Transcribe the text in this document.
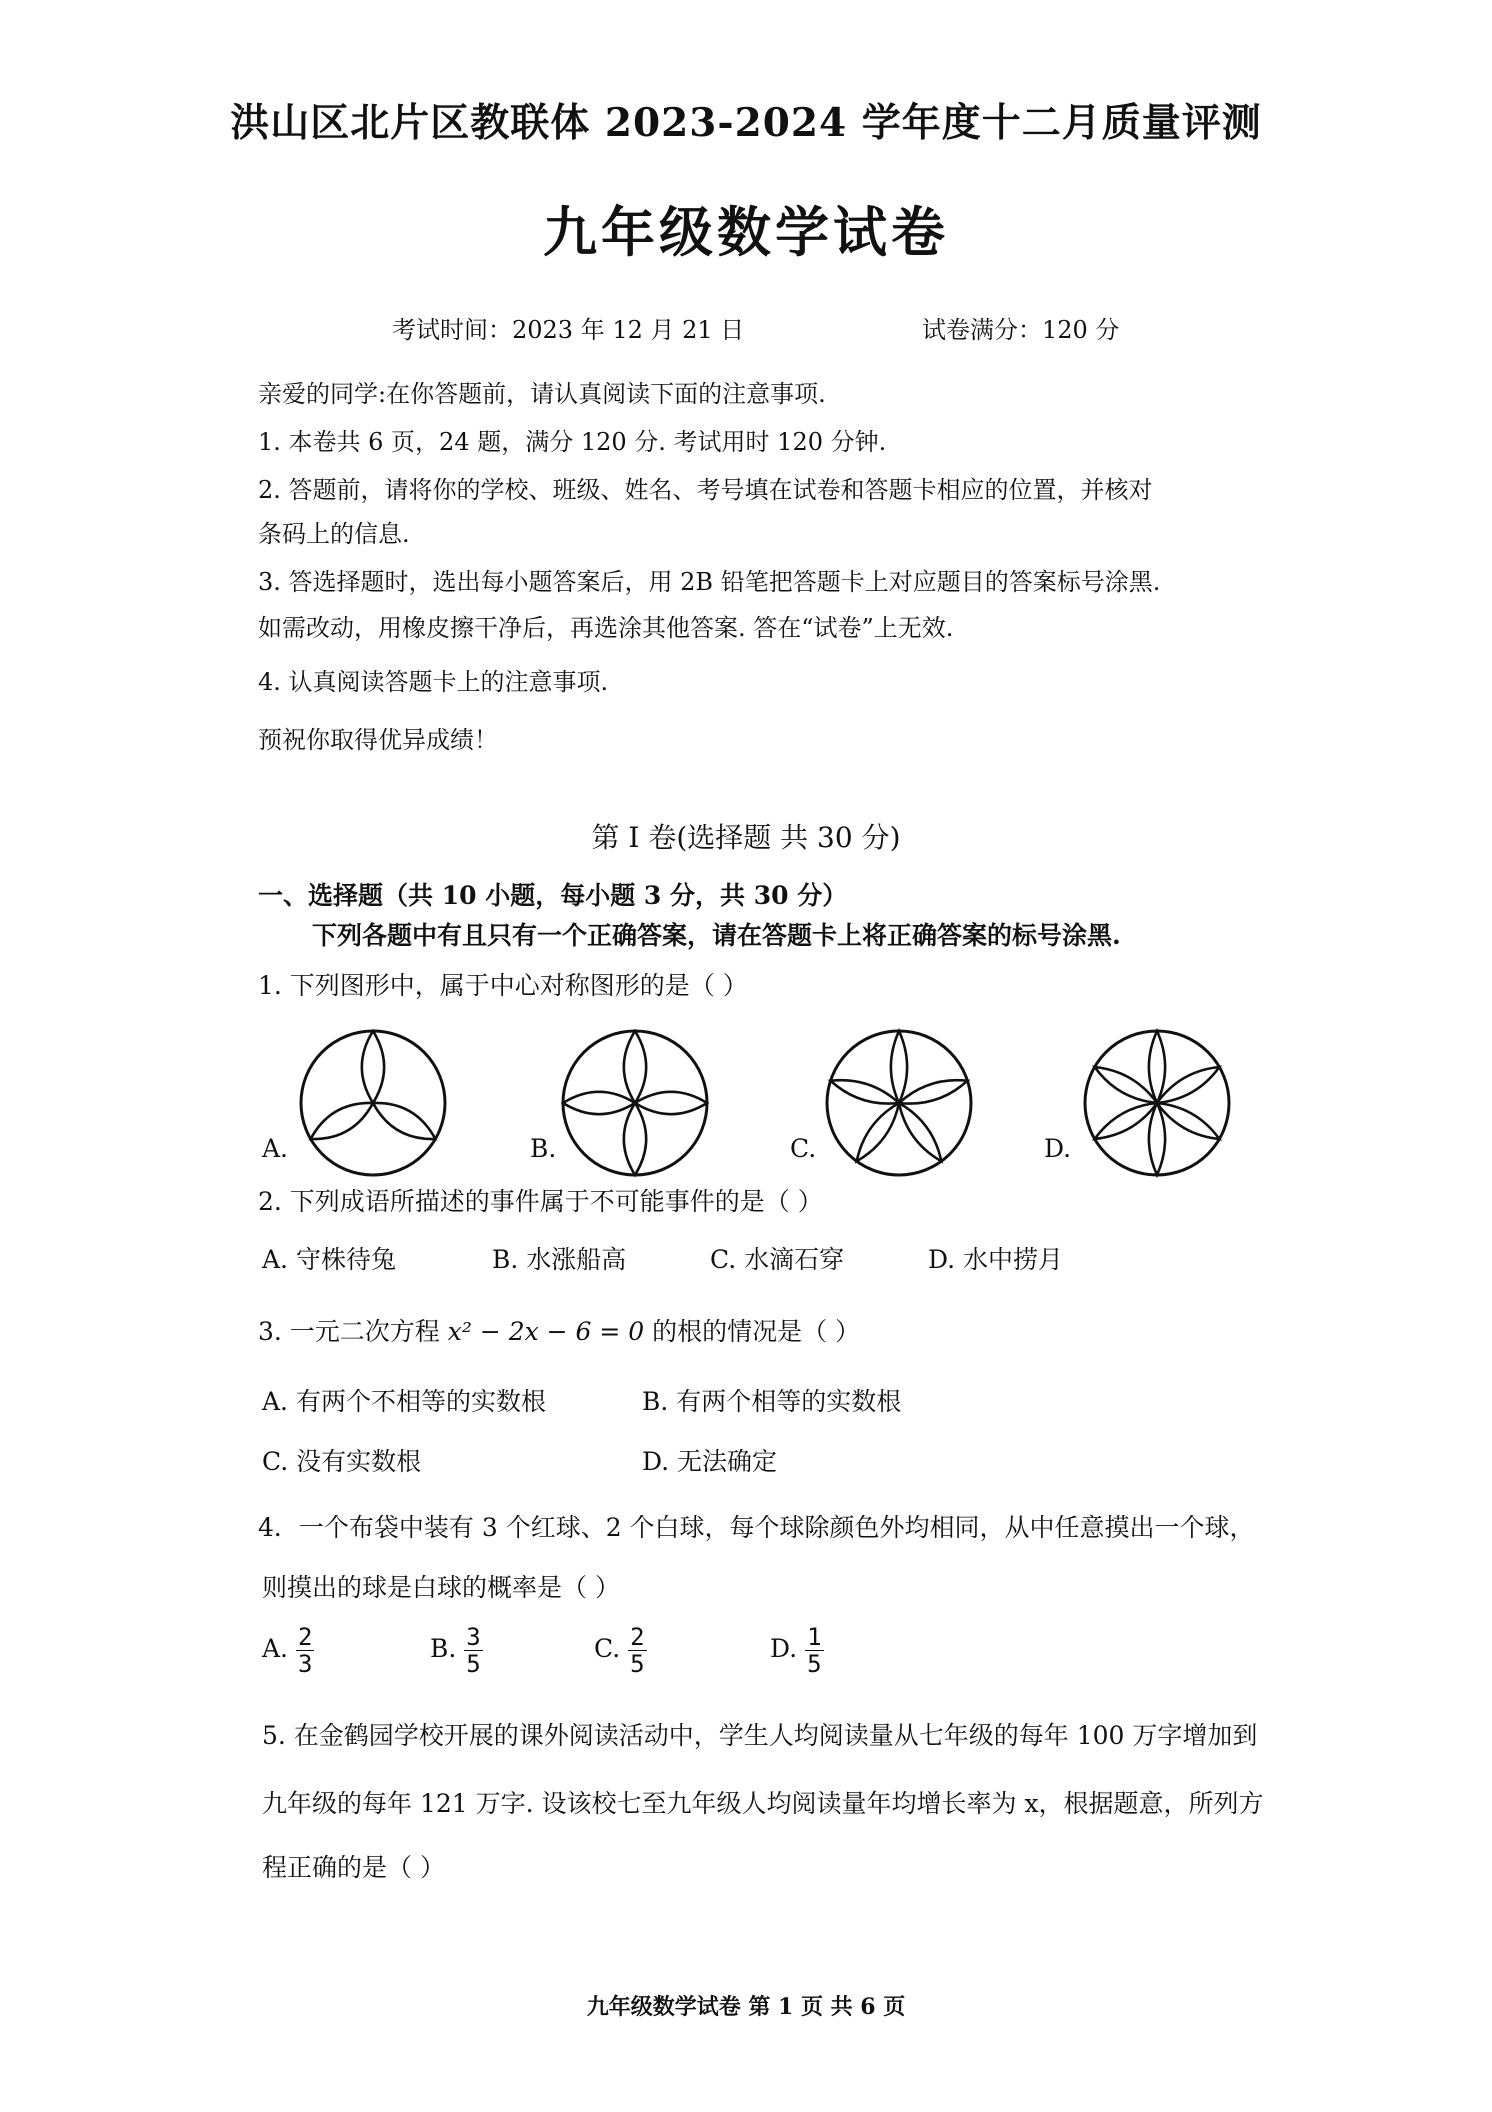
洪山区北片区教联体 2023-2024 学年度十二月质量评测
九年级数学试卷
考试时间：2023 年 12 月 21 日	试卷满分：120 分
亲爱的同学:在你答题前，请认真阅读下面的注意事项.
1. 本卷共 6 页，24 题，满分 120 分. 考试用时 120 分钟.
2. 答题前，请将你的学校、班级、姓名、考号填在试卷和答题卡相应的位置，并核对
条码上的信息.
3. 答选择题时，选出每小题答案后，用 2B 铅笔把答题卡上对应题目的答案标号涂黑.
如需改动，用橡皮擦干净后，再选涂其他答案. 答在“试卷”上无效.
4. 认真阅读答题卡上的注意事项.
预祝你取得优异成绩！
第 I 卷(选择题 共 30 分)
一、选择题（共 10 小题，每小题 3 分，共 30 分）
下列各题中有且只有一个正确答案，请在答题卡上将正确答案的标号涂黑.
1. 下列图形中，属于中心对称图形的是（ ）
A.	B.	C.	D.
2. 下列成语所描述的事件属于不可能事件的是（ ）
A. 守株待兔	B. 水涨船高	C. 水滴石穿	D. 水中捞月
3. 一元二次方程 x² − 2x − 6 = 0 的根的情况是（ ）
A. 有两个不相等的实数根	B. 有两个相等的实数根
C. 没有实数根	D. 无法确定
4．一个布袋中装有 3 个红球、2 个白球，每个球除颜色外均相同，从中任意摸出一个球，
则摸出的球是白球的概率是（ ）
A. $\frac{2}{3}$	B. $\frac{3}{5}$	C. $\frac{2}{5}$	D. $\frac{1}{5}$
5. 在金鹤园学校开展的课外阅读活动中，学生人均阅读量从七年级的每年 100 万字增加到
九年级的每年 121 万字. 设该校七至九年级人均阅读量年均增长率为 x，根据题意，所列方
程正确的是（ ）
九年级数学试卷 第 1 页 共 6 页
